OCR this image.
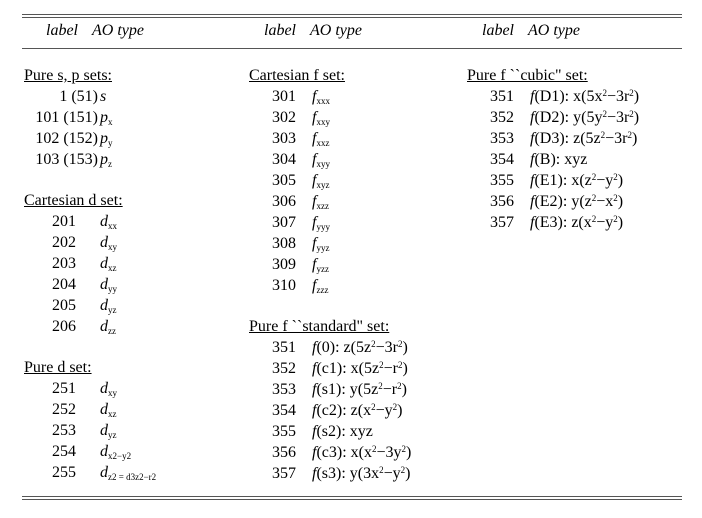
label AO type	label AO type	label AO type
Pure s, p sets:
1 (51) s
101 (151) $p_x$
102 (152) $p_y$
103 (153) $p_z$
Cartesian d set:
201 $d_{xx}$
202 $d_{xy}$
203 $d_{xz}$
204 $d_{yy}$
205 $d_{yz}$
206 $d_{zz}$
Pure d set:
251 $d_{xy}$
252 $d_{xz}$
253 $d_{yz}$
254 $d_{x2-y2}$
255 $d_{z2 = d3z2-r2}$
Cartesian f set:
301 $f_{xxx}$
302 $f_{xxy}$
303 $f_{xxz}$
304 $f_{xyy}$
305 $f_{xyz}$
306 $f_{xzz}$
307 $f_{yyy}$
308 $f_{yyz}$
309 $f_{yzz}$
310 $f_{zzz}$
Pure f ``standard" set:
351 f(0): $z(5z^2-3r^2)$
352 f(c1): $x(5z^2-r^2)$
353 f(s1): $y(5z^2-r^2)$
354 f(c2): $z(x^2-y^2)$
355 f(s2): xyz
356 f(c3): $x(x^2-3y^2)$
357 f(s3): $y(3x^2-y^2)$
Pure f ``cubic" set:
351 f(D1): $x(5x^2-3r^2)$
352 f(D2): $y(5y^2-3r^2)$
353 f(D3): $z(5z^2-3r^2)$
354 f(B): xyz
355 f(E1): $x(z^2-y^2)$
356 f(E2): $y(z^2-x^2)$
357 f(E3): $z(x^2-y^2)$
